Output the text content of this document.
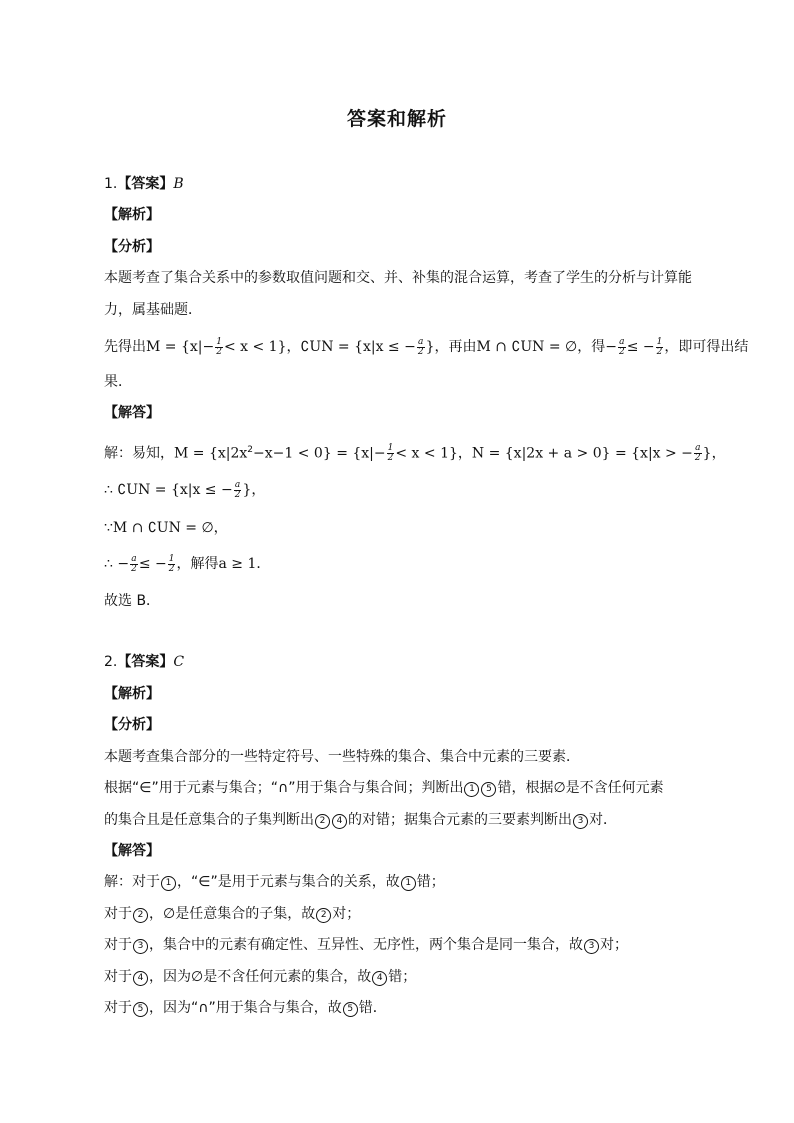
答案和解析
1.【答案】B
【解析】
【分析】
本题考查了集合关系中的参数取值问题和交、并、补集的混合运算，考查了学生的分析与计算能
力，属基础题．
先得出$M = \{x|- \frac{1}{2} < x < 1\}$，∁UN = {x|x ≤ − $\frac{a}{2}$ }，再由M ∩ ∁UN = ∅，得− $\frac{a}{2}$ ≤ − $\frac{1}{2}$ ，即可得出结
果．
【解答】
解：易知，$M = \{x|2x^2-x-1 < 0\} = \{x|- \frac{1}{2} < x < 1\}$，N = {x|2x + a > 0} = {x|x > − $\frac{a}{2}$ }，
∴ ∁UN = {x|x ≤ − $\frac{a}{2}$ }，
∵M ∩ ∁UN = ∅，
∴ − $\frac{a}{2}$ ≤ − $\frac{1}{2}$ ，解得a ≥ 1．
故选 B．
2.【答案】C
【解析】
【分析】
本题考查集合部分的一些特定符号、一些特殊的集合、集合中元素的三要素．
根据“∈”用于元素与集合；“∩”用于集合与集合间；判断出 1 5 错，根据∅是不含任何元素
的集合且是任意集合的子集判断出 2 4 的对错；据集合元素的三要素判断出 3 对．
【解答】
解：对于 1 ，“∈”是用于元素与集合的关系，故 1 错；
对于 2 ，∅是任意集合的子集，故 2 对；
对于 3 ，集合中的元素有确定性、互异性、无序性，两个集合是同一集合，故 3 对；
对于 4 ，因为∅是不含任何元素的集合，故 4 错；
对于 5 ，因为“∩”用于集合与集合，故 5 错．
